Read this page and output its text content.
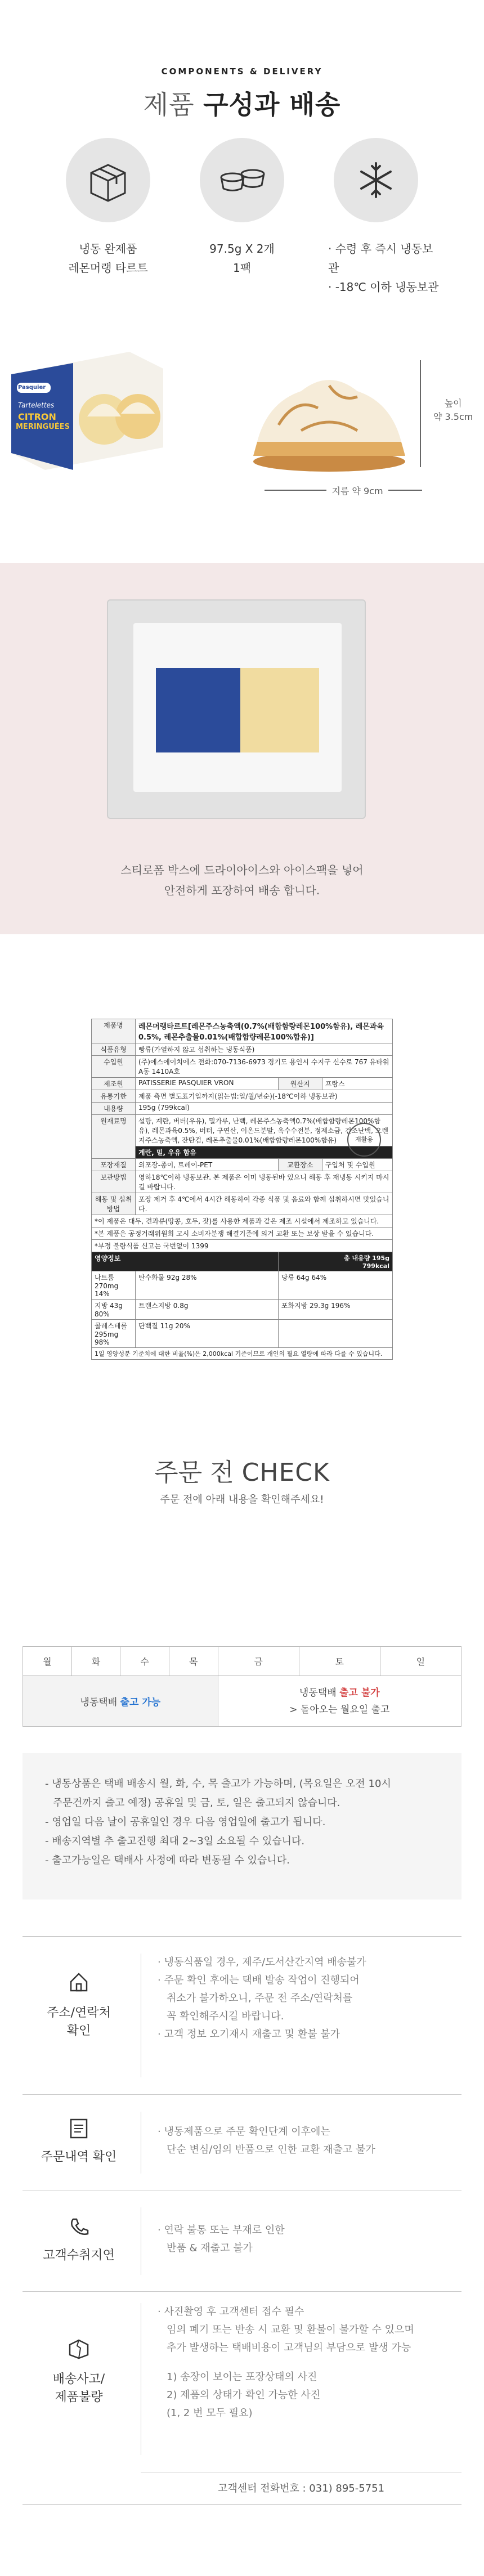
COMPONENTS & DELIVERY
제품 구성과 배송
냉동 완제품
레몬머랭 타르트
97.5g X 2개
1팩
· 수령 후 즉시 냉동보관
· -18℃ 이하 냉동보관
Pasquier
Tartelettes
CITRON
MERINGUÉES
높이
약 3.5cm
지름 약 9cm
스티로폼 박스에 드라이아이스와 아이스팩을 넣어
안전하게 포장하여 배송 합니다.
제품명	레몬머랭타르트[레몬주스농축액(0.7%(배합함량레몬100%함유), 레몬과육0.5%, 레몬추출물0.01%(배합함량레몬100%함유)]		
식품유형	빵류(가열하지 않고 섭취하는 냉동식품)		
수입원	(주)에스에이치에스 전화:070-7136-6973 경기도 용인시 수지구 신수로 767 유타워 A동 1410A호		
제조원	PATISSERIE PASQUIER VRON	원산지	프랑스
유통기한	제품 측면 별도표기일까지(읽는법:일/월/년순)(-18℃이하 냉동보관)		
내용량	195g (799kcal)		
원재료명	설탕, 계란, 버터(우유), 밀가루, 난백, 레몬주스농축액0.7%(배합함량레몬100%함유), 레몬과육0.5%, 버터, 구연산, 이온드분말, 옥수수전분, 정제소금, 건조난백, 오렌지주스농축액, 잔탄검, 레몬추출물0.01%(배합함량레몬100%함유)		
	계란, 밀, 우유 함유		
포장재질	외포장-종이, 트레이-PET	교환장소	구입처 및 수입원
보관방법	영하18℃이하 냉동보관. 본 제품은 이미 냉동된바 있으니 해동 후 재냉동 시키지 마시길 바랍니다.		
해동 및 섭취방법	포장 제거 후 4℃에서 4시간 해동하여 각종 식품 및 음료와 함께 섭취하시면 맛있습니다.		
*이 제품은 대두, 견과류(땅콩, 호두, 잣)를 사용한 제품과 같은 제조 시설에서 제조하고 있습니다.			
*본 제품은 공정거래위원회 고시 소비자분쟁 해결기준에 의거 교환 또는 보상 받을 수 있습니다.			
*부정 불량식품 신고는 국번없이 1399			
영양정보		총 내용량 195g
799kcal	
나트륨 270mg 14%	탄수화물 92g 28%	당류 64g 64%	
지방 43g 80%	트랜스지방 0.8g	포화지방 29.3g 196%	
콜레스테롤 295mg 98%	단백질 11g 20%		
1일 영양성분 기준치에 대한 비율(%)은 2,000kcal 기준이므로 개인의 필요 열량에 따라 다를 수 있습니다.			
재활용
주문 전 CHECK
주문 전에 아래 내용을 확인해주세요!
월	화	수	목	금	토	일
냉동택배 출고 가능				냉동택배 출고 불가
> 돌아오는 월요일 출고		
- 냉동상품은 택배 배송시 월, 화, 수, 목 출고가 가능하며, (목요일은 오전 10시
주문건까지 출고 예정) 공휴일 및 금, 토, 일은 출고되지 않습니다.
- 영업일 다음 날이 공휴일인 경우 다음 영업일에 출고가 됩니다.
- 배송지역별 추 출고진행 최대 2~3일 소요될 수 있습니다.
- 출고가능일은 택배사 사정에 따라 변동될 수 있습니다.
주소/연락처
확인
· 냉동식품일 경우, 제주/도서산간지역 배송불가
· 주문 확인 후에는 택배 발송 작업이 진행되어
취소가 불가하오니, 주문 전 주소/연락처를
꼭 확인해주시길 바랍니다.
· 고객 정보 오기재시 재출고 및 환불 불가
주문내역 확인
· 냉동제품으로 주문 확인단계 이후에는
단순 변심/임의 반품으로 인한 교환 재출고 불가
고객수취지연
· 연락 불통 또는 부재로 인한
반품 & 재출고 불가
배송사고/
제품불량
· 사진촬영 후 고객센터 접수 필수
임의 폐기 또는 반송 시 교환 및 환불이 불가할 수 있으며
추가 발생하는 택배비용이 고객님의 부담으로 발생 가능
1) 송장이 보이는 포장상태의 사진
2) 제품의 상태가 확인 가능한 사진
(1, 2 번 모두 필요)
고객센터 전화번호 : 031) 895-5751
